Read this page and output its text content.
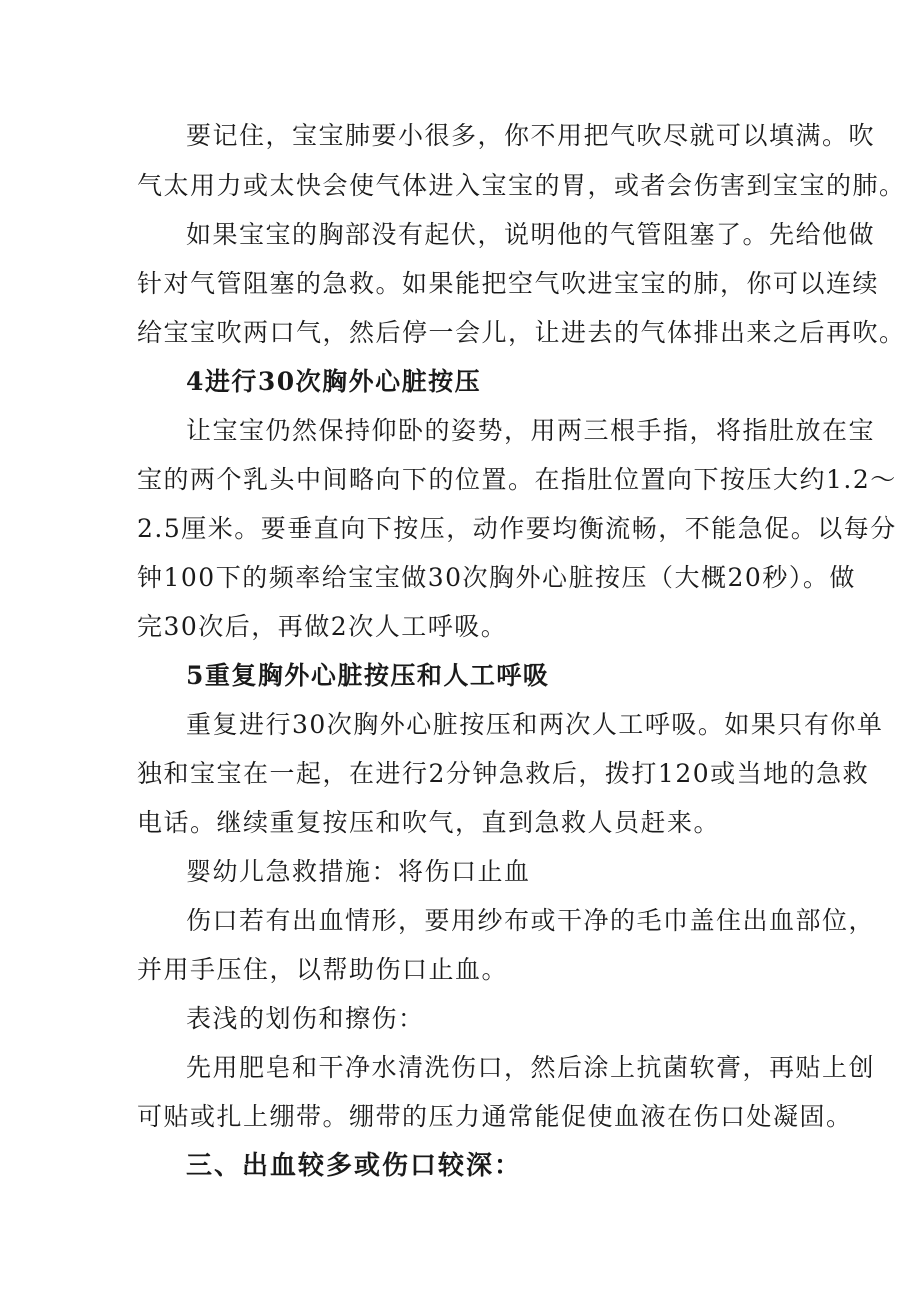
要记住，宝宝肺要小很多，你不用把气吹尽就可以填满。吹
气太用力或太快会使气体进入宝宝的胃，或者会伤害到宝宝的肺。
如果宝宝的胸部没有起伏，说明他的气管阻塞了。先给他做
针对气管阻塞的急救。如果能把空气吹进宝宝的肺，你可以连续
给宝宝吹两口气，然后停一会儿，让进去的气体排出来之后再吹。
4进行30次胸外心脏按压
让宝宝仍然保持仰卧的姿势，用两三根手指，将指肚放在宝
宝的两个乳头中间略向下的位置。在指肚位置向下按压大约1.2～
2.5厘米。要垂直向下按压，动作要均衡流畅，不能急促。以每分
钟100下的频率给宝宝做30次胸外心脏按压（大概20秒）。做
完30次后，再做2次人工呼吸。
5重复胸外心脏按压和人工呼吸
重复进行30次胸外心脏按压和两次人工呼吸。如果只有你单
独和宝宝在一起，在进行2分钟急救后，拨打120或当地的急救
电话。继续重复按压和吹气，直到急救人员赶来。
婴幼儿急救措施：将伤口止血
伤口若有出血情形，要用纱布或干净的毛巾盖住出血部位，
并用手压住，以帮助伤口止血。
表浅的划伤和擦伤：
先用肥皂和干净水清洗伤口，然后涂上抗菌软膏，再贴上创
可贴或扎上绷带。绷带的压力通常能促使血液在伤口处凝固。
三、出血较多或伤口较深：
